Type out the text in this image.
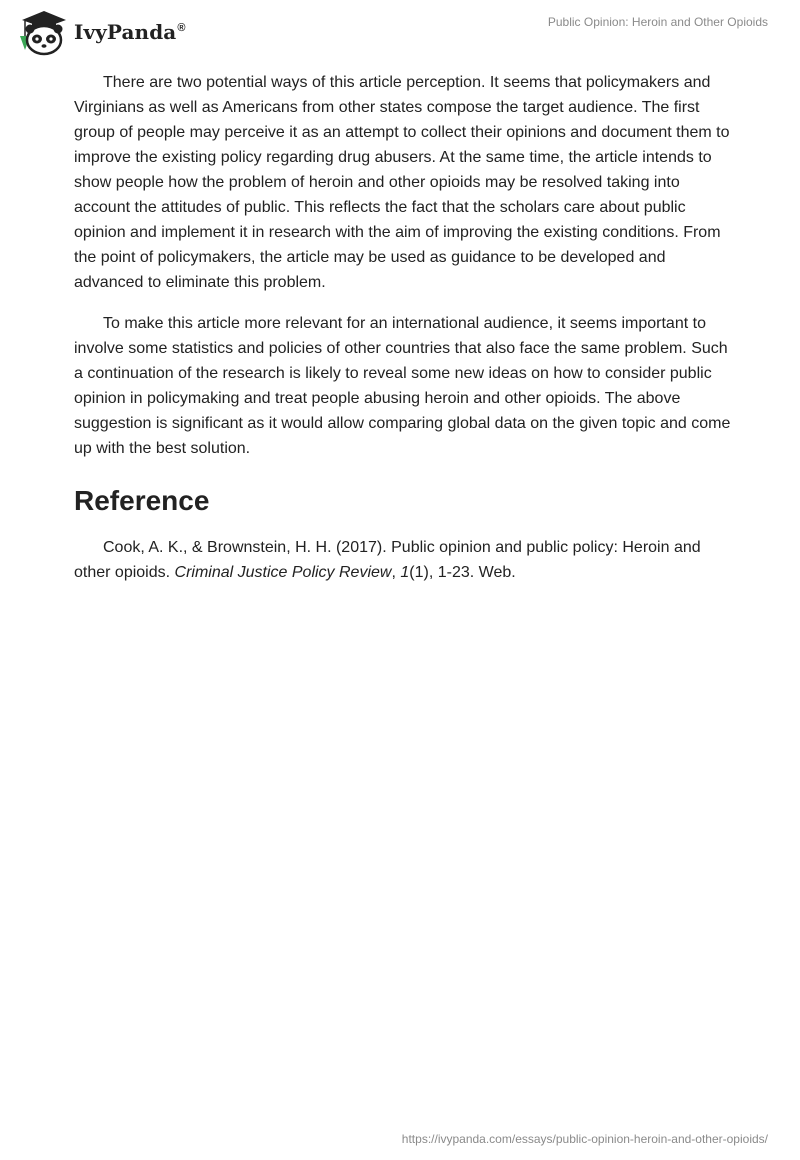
IvyPanda®	Public Opinion: Heroin and Other Opioids

There are two potential ways of this article perception. It seems that policymakers and Virginians as well as Americans from other states compose the target audience. The first group of people may perceive it as an attempt to collect their opinions and document them to improve the existing policy regarding drug abusers. At the same time, the article intends to show people how the problem of heroin and other opioids may be resolved taking into account the attitudes of public. This reflects the fact that the scholars care about public opinion and implement it in research with the aim of improving the existing conditions. From the point of policymakers, the article may be used as guidance to be developed and advanced to eliminate this problem.

To make this article more relevant for an international audience, it seems important to involve some statistics and policies of other countries that also face the same problem. Such a continuation of the research is likely to reveal some new ideas on how to consider public opinion in policymaking and treat people abusing heroin and other opioids. The above suggestion is significant as it would allow comparing global data on the given topic and come up with the best solution.

Reference

Cook, A. K., & Brownstein, H. H. (2017). Public opinion and public policy: Heroin and other opioids. Criminal Justice Policy Review, 1(1), 1-23. Web.

https://ivypanda.com/essays/public-opinion-heroin-and-other-opioids/
